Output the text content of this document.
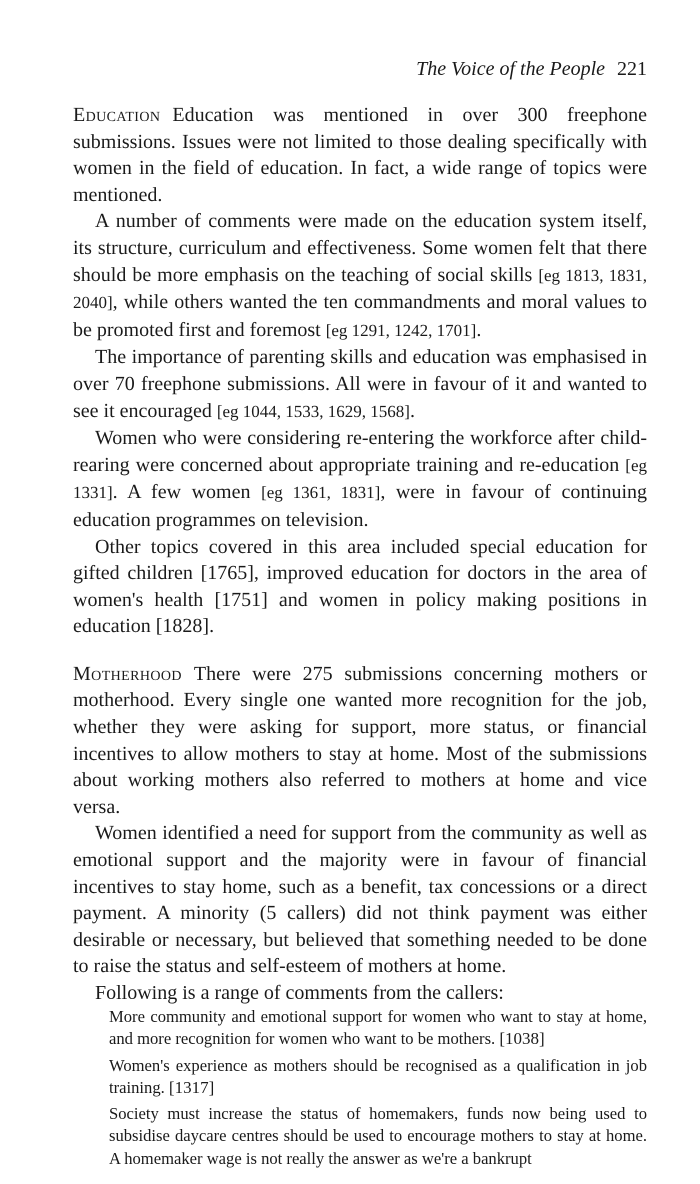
The Voice of the People 221

Education Education was mentioned in over 300 freephone submissions. Issues were not limited to those dealing specifically with women in the field of education. In fact, a wide range of topics were mentioned.

A number of comments were made on the education system itself, its structure, curriculum and effectiveness. Some women felt that there should be more emphasis on the teaching of social skills [eg 1813, 1831, 2040], while others wanted the ten commandments and moral values to be promoted first and foremost [eg 1291, 1242, 1701].

The importance of parenting skills and education was emphasised in over 70 freephone submissions. All were in favour of it and wanted to see it encouraged [eg 1044, 1533, 1629, 1568].

Women who were considering re-entering the workforce after child-rearing were concerned about appropriate training and re-education [eg 1331]. A few women [eg 1361, 1831], were in favour of continuing education programmes on television.

Other topics covered in this area included special education for gifted children [1765], improved education for doctors in the area of women's health [1751] and women in policy making positions in education [1828].

Motherhood There were 275 submissions concerning mothers or motherhood. Every single one wanted more recognition for the job, whether they were asking for support, more status, or financial incentives to allow mothers to stay at home. Most of the submissions about working mothers also referred to mothers at home and vice versa.

Women identified a need for support from the community as well as emotional support and the majority were in favour of financial incentives to stay home, such as a benefit, tax concessions or a direct payment. A minority (5 callers) did not think payment was either desirable or necessary, but believed that something needed to be done to raise the status and self-esteem of mothers at home.

Following is a range of comments from the callers:

More community and emotional support for women who want to stay at home, and more recognition for women who want to be mothers. [1038]

Women's experience as mothers should be recognised as a qualification in job training. [1317]

Society must increase the status of homemakers, funds now being used to subsidise daycare centres should be used to encourage mothers to stay at home. A homemaker wage is not really the answer as we're a bankrupt
